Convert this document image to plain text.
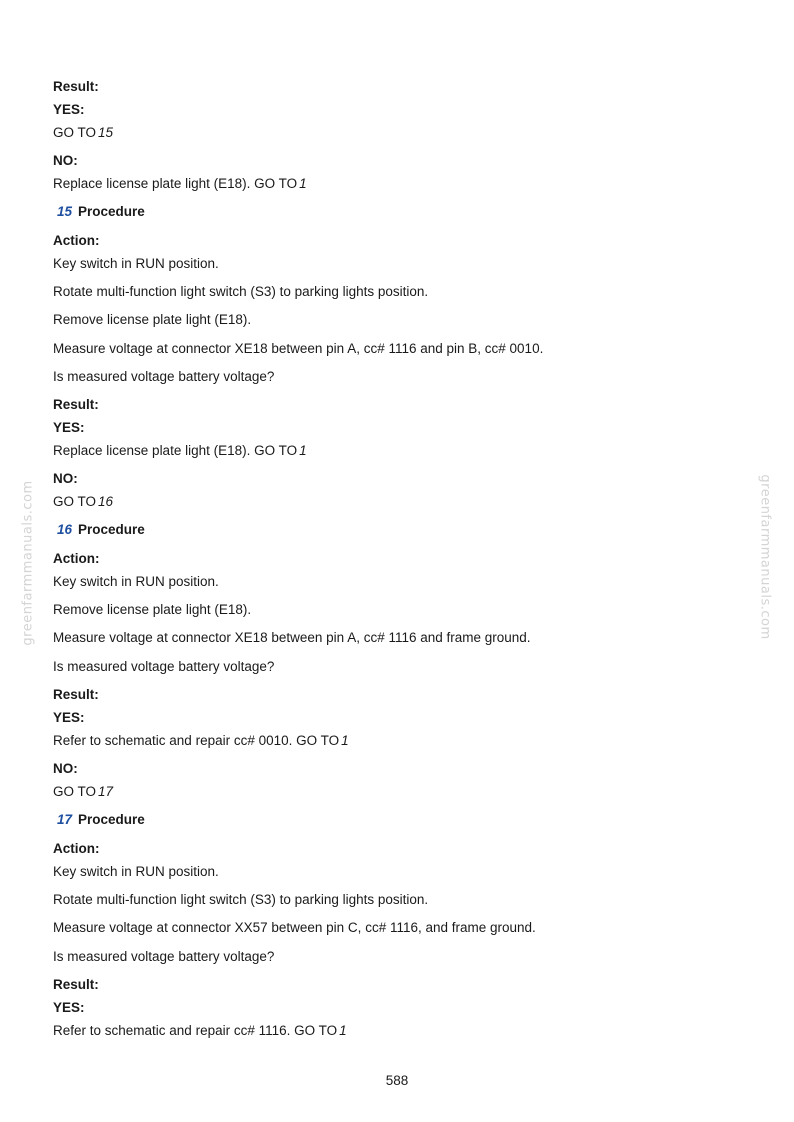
greenfarmmanuals.com	greenfarmmanuals.com
Result:
YES:
GO TO 15
NO:
Replace license plate light (E18). GO TO 1
15 Procedure
Action:
Key switch in RUN position.
Rotate multi-function light switch (S3) to parking lights position.
Remove license plate light (E18).
Measure voltage at connector XE18 between pin A, cc# 1116 and pin B, cc# 0010.
Is measured voltage battery voltage?
Result:
YES:
Replace license plate light (E18). GO TO 1
NO:
GO TO 16
16 Procedure
Action:
Key switch in RUN position.
Remove license plate light (E18).
Measure voltage at connector XE18 between pin A, cc# 1116 and frame ground.
Is measured voltage battery voltage?
Result:
YES:
Refer to schematic and repair cc# 0010. GO TO 1
NO:
GO TO 17
17 Procedure
Action:
Key switch in RUN position.
Rotate multi-function light switch (S3) to parking lights position.
Measure voltage at connector XX57 between pin C, cc# 1116, and frame ground.
Is measured voltage battery voltage?
Result:
YES:
Refer to schematic and repair cc# 1116. GO TO 1
588
